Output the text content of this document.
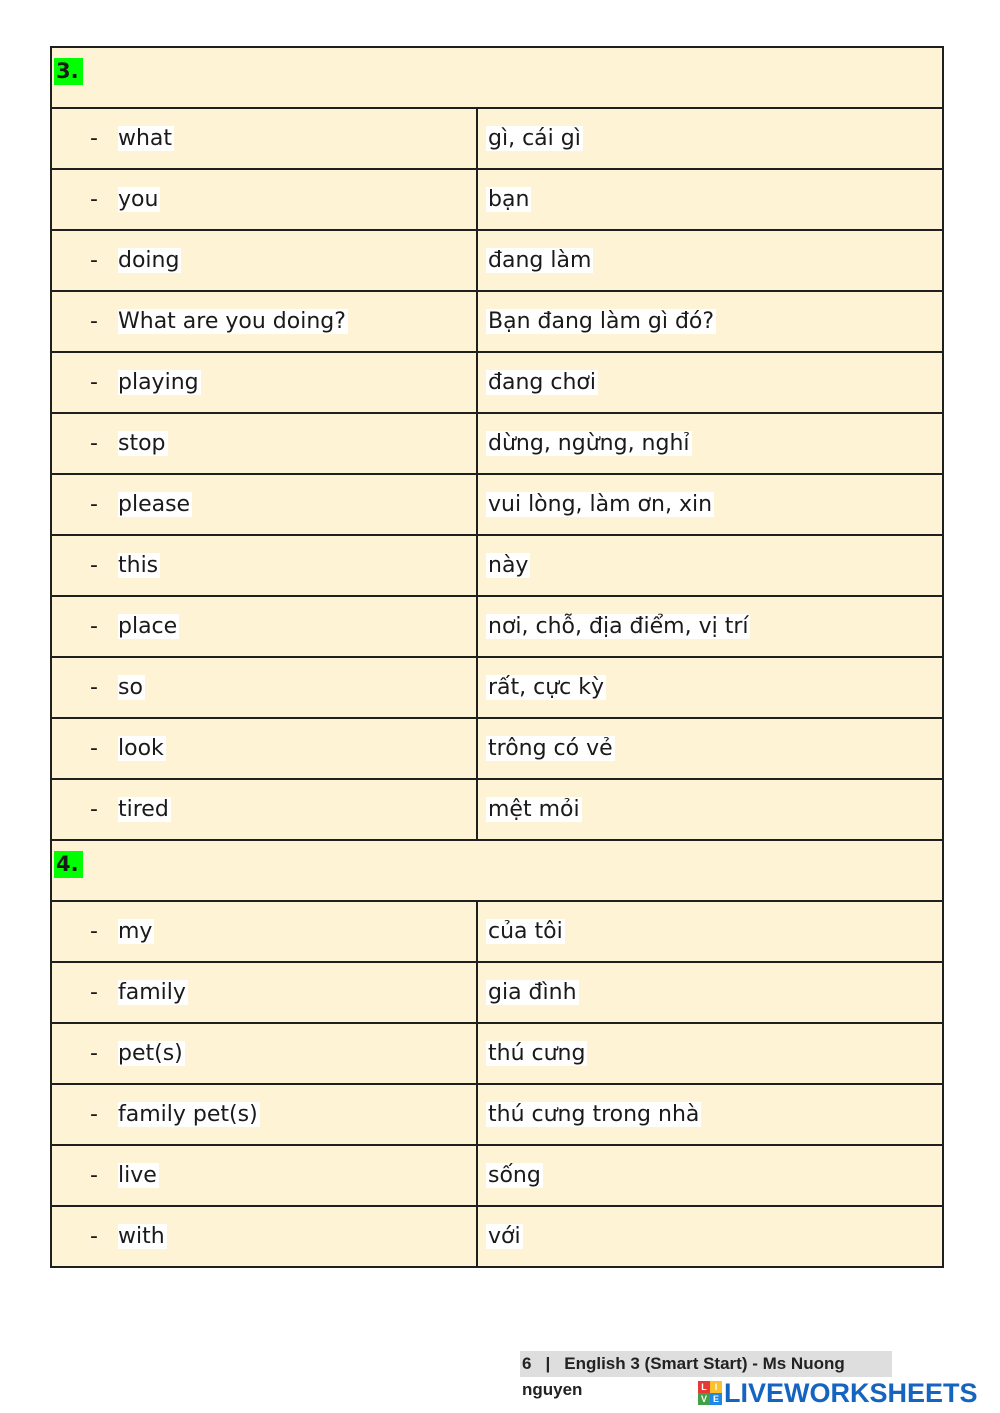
3.	
- what	gì, cái gì
- you	bạn
- doing	đang làm
- What are you doing?	Bạn đang làm gì đó?
- playing	đang chơi
- stop	dừng, ngừng, nghỉ
- please	vui lòng, làm ơn, xin
- this	này
- place	nơi, chỗ, địa điểm, vị trí
- so	rất, cực kỳ
- look	trông có vẻ
- tired	mệt mỏi
4.	
- my	của tôi
- family	gia đình
- pet(s)	thú cưng
- family pet(s)	thú cưng trong nhà
- live	sống
- with	với
6 | English 3 (Smart Start) - Ms Nuong nguyen	L I
V E LIVEWORKSHEETS
